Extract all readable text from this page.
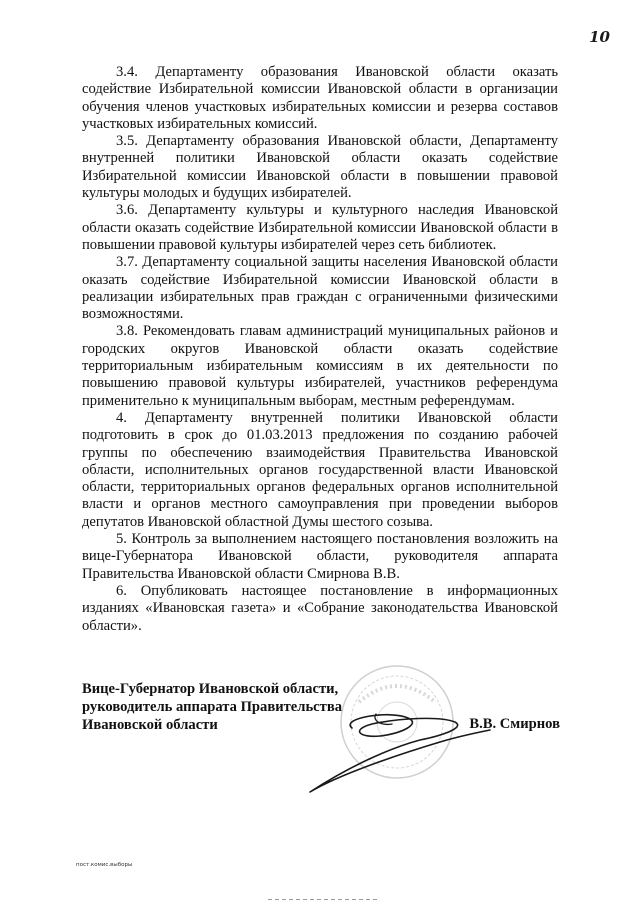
10

3.4. Департаменту образования Ивановской области оказать содействие Избирательной комиссии Ивановской области в организации обучения членов участковых избирательных комиссии и резерва составов участковых избирательных комиссий.

3.5. Департаменту образования Ивановской области, Департаменту внутренней политики Ивановской области оказать содействие Избирательной комиссии Ивановской области в повышении правовой культуры молодых и будущих избирателей.

3.6. Департаменту культуры и культурного наследия Ивановской области оказать содействие Избирательной комиссии Ивановской области в повышении правовой культуры избирателей через сеть библиотек.

3.7. Департаменту социальной защиты населения Ивановской области оказать содействие Избирательной комиссии Ивановской области в реализации избирательных прав граждан с ограниченными физическими возможностями.

3.8. Рекомендовать главам администраций муниципальных районов и городских округов Ивановской области оказать содействие территориальным избирательным комиссиям в их деятельности по повышению правовой культуры избирателей, участников референдума применительно к муниципальным выборам, местным референдумам.

4. Департаменту внутренней политики Ивановской области подготовить в срок до 01.03.2013 предложения по созданию рабочей группы по обеспечению взаимодействия Правительства Ивановской области, исполнительных органов государственной власти Ивановской области, территориальных органов федеральных органов исполнительной власти и органов местного самоуправления при проведении выборов депутатов Ивановской областной Думы шестого созыва.

5. Контроль за выполнением настоящего постановления возложить на вице-Губернатора Ивановской области, руководителя аппарата Правительства Ивановской области Смирнова В.В.

6. Опубликовать настоящее постановление в информационных изданиях «Ивановская газета» и «Собрание законодательства Ивановской области».

Вице-Губернатор Ивановской области,
руководитель аппарата Правительства
Ивановской области	В.В. Смирнов
пост.комис.выборы
